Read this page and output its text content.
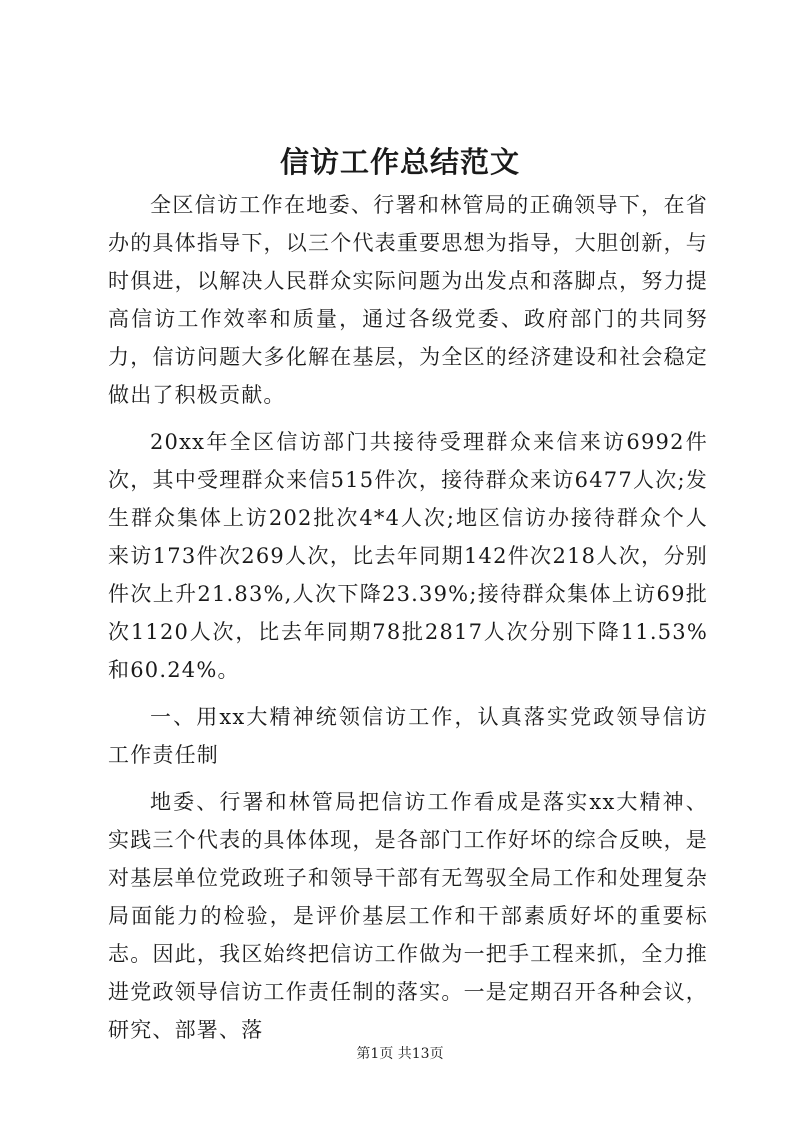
信访工作总结范文

全区信访工作在地委、行署和林管局的正确领导下，在省办的具体指导下，以三个代表重要思想为指导，大胆创新，与时俱进，以解决人民群众实际问题为出发点和落脚点，努力提高信访工作效率和质量，通过各级党委、政府部门的共同努力，信访问题大多化解在基层，为全区的经济建设和社会稳定做出了积极贡献。

20xx年全区信访部门共接待受理群众来信来访6992件次，其中受理群众来信515件次，接待群众来访6477人次;发生群众集体上访202批次4*4人次;地区信访办接待群众个人来访173件次269人次，比去年同期142件次218人次，分别件次上升21.83%,人次下降23.39%;接待群众集体上访69批次1120人次，比去年同期78批2817人次分别下降11.53%和60.24%。

一、用xx大精神统领信访工作，认真落实党政领导信访工作责任制

地委、行署和林管局把信访工作看成是落实xx大精神、实践三个代表的具体体现，是各部门工作好坏的综合反映，是对基层单位党政班子和领导干部有无驾驭全局工作和处理复杂局面能力的检验，是评价基层工作和干部素质好坏的重要标志。因此，我区始终把信访工作做为一把手工程来抓，全力推进党政领导信访工作责任制的落实。一是定期召开各种会议，研究、部署、落

第1页 共13页
